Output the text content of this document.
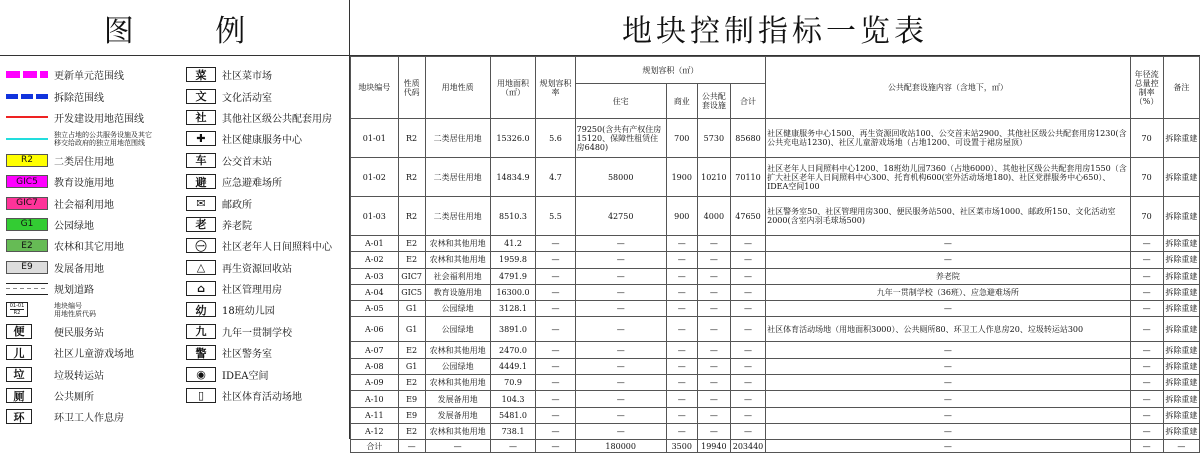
图 例
更新单元范围线
拆除范围线
开发建设用地范围线
独立占地的公共服务设施及其它
移交给政府的独立用地范围线
R2	二类居住用地
GIC5	教育设施用地
GIC7	社会福利用地
G1	公园绿地
E2	农林和其它用地
E9	发展备用地
规划道路
01-01
R2
地块编号
用地性质代码
便	便民服务站
儿	社区儿童游戏场地
垃	垃圾转运站
厕	公共厕所
环	环卫工人作息房
菜	社区菜市场
文	文化活动室
社	其他社区级公共配套用房
✚	社区健康服务中心
车	公交首末站
避	应急避难场所
✉	邮政所
老	养老院
㊀	社区老年人日间照料中心
△	再生资源回收站
⌂	社区管理用房
幼	18班幼儿园
九	九年一贯制学校
警	社区警务室
◉	IDEA空间
▯	社区体育活动场地
地块控制指标一览表
地块编号	性质代码	用地性质	用地面积（㎡）	规划容积率	规划容积（㎡）				公共配套设施内容（含地下，㎡）	年径流总量控制率（%）	备注
					住宅	商业	公共配套设施	合计			
01-01	R2	二类居住用地	15326.0	5.6	79250(含共有产权住房15120、保障性租赁住房6480)	700	5730	85680	社区健康服务中心1500、再生资源回收站100、公交首末站2900、其他社区级公共配套用房1230(含公共充电站1230)、社区儿童游戏场地（占地1200、可设置于裙房屋顶）	70	拆除重建
01-02	R2	二类居住用地	14834.9	4.7	58000	1900	10210	70110	社区老年人日间照料中心1200、18班幼儿园7360（占地6000）、其他社区级公共配套用房1550（含扩大社区老年人日间照料中心300、托育机构600(室外活动场地180)、社区党群服务中心650）、IDEA空间100	70	拆除重建
01-03	R2	二类居住用地	8510.3	5.5	42750	900	4000	47650	社区警务室50、社区管理用房300、便民服务站500、社区菜市场1000、邮政所150、文化活动室2000(含室内羽毛球场500)	70	拆除重建
A-01	E2	农林和其他用地	41.2	—	—	—	—	—	—	—	拆除重建
A-02	E2	农林和其他用地	1959.8	—	—	—	—	—	—	—	拆除重建
A-03	GIC7	社会福利用地	4791.9	—	—	—	—	—	养老院	—	拆除重建
A-04	GIC5	教育设施用地	16300.0	—	—	—	—	—	九年一贯制学校（36班）、应急避难场所	—	拆除重建
A-05	G1	公园绿地	3128.1	—	—	—	—	—	—	—	拆除重建
A-06	G1	公园绿地	3891.0	—	—	—	—	—	社区体育活动场地（用地面积3000）、公共厕所80、环卫工人作息房20、垃圾转运站300	—	拆除重建
A-07	E2	农林和其他用地	2470.0	—	—	—	—	—	—	—	拆除重建
A-08	G1	公园绿地	4449.1	—	—	—	—	—	—	—	拆除重建
A-09	E2	农林和其他用地	70.9	—	—	—	—	—	—	—	拆除重建
A-10	E9	发展备用地	104.3	—	—	—	—	—	—	—	拆除重建
A-11	E9	发展备用地	5481.0	—	—	—	—	—	—	—	拆除重建
A-12	E2	农林和其他用地	738.1	—	—	—	—	—	—	—	拆除重建
合计	—	—	—	—	180000	3500	19940	203440	—	—	—
